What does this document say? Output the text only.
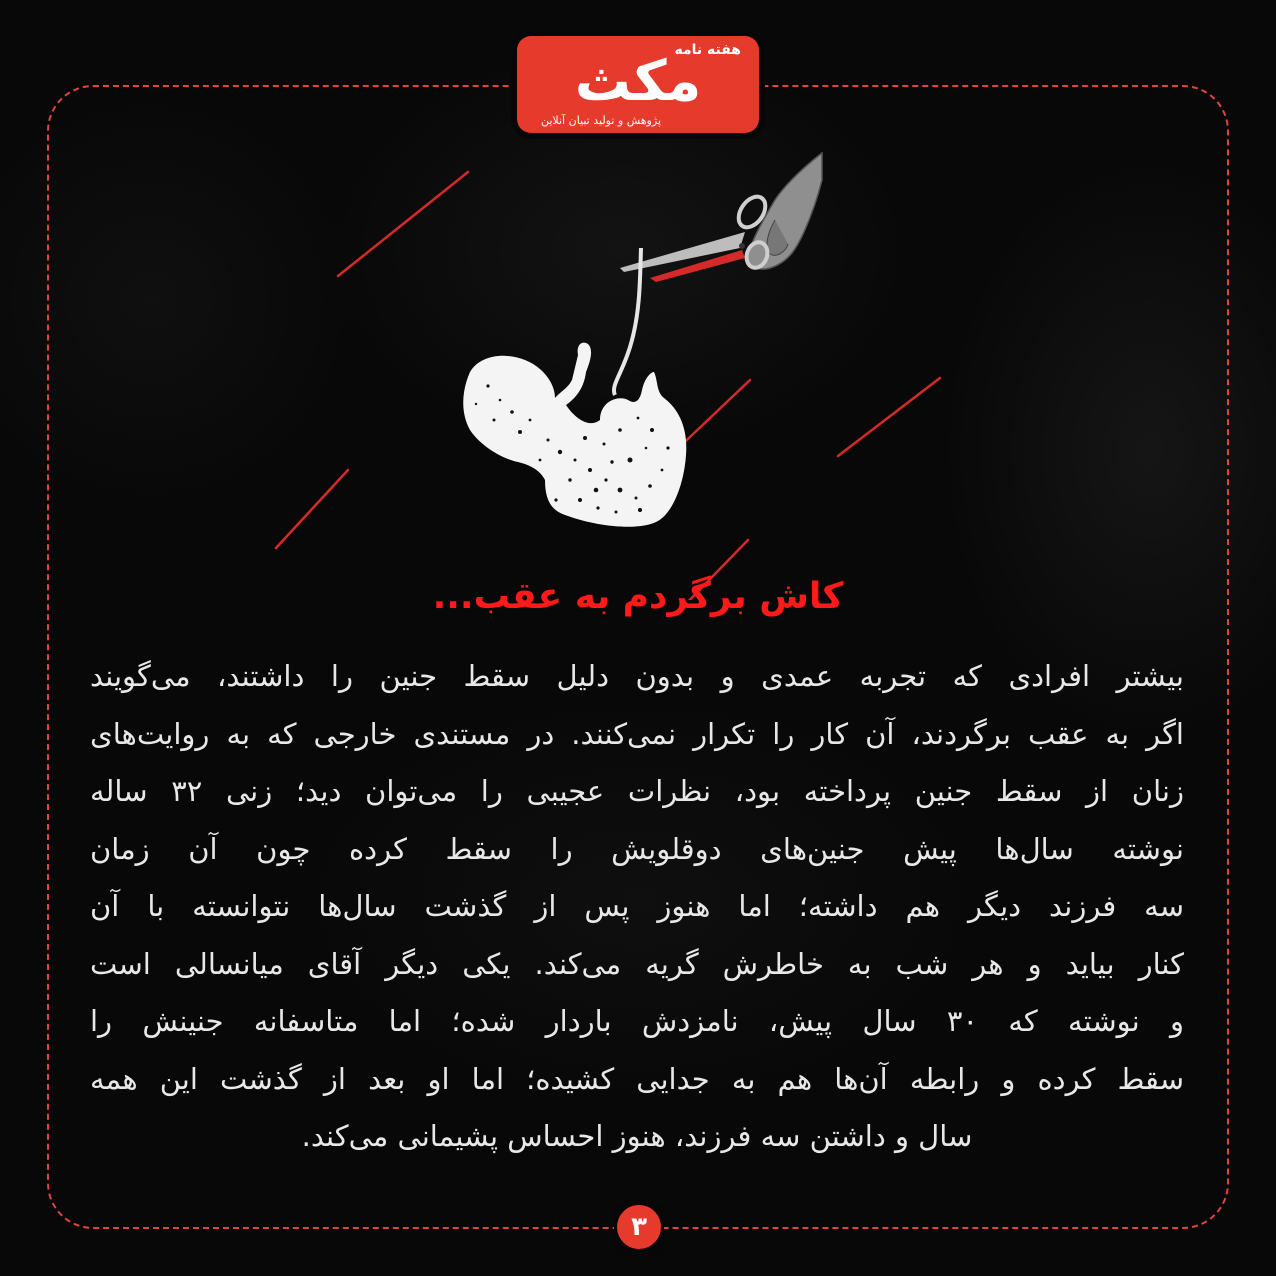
هفته نامه
مکث
پژوهش و تولید تبیان آنلاین
کاش برگردم به عقب...
بیشتر افرادی که تجربه عمدی و بدون دلیل سقط جنین را داشتند، می‌گویند
اگر به عقب برگردند، آن کار را تکرار نمی‌کنند. در مستندی خارجی که به روایت‌های
زنان از سقط جنین پرداخته بود، نظرات عجیبی را می‌توان دید؛ زنی ۳۲ ساله
نوشته سال‌ها پیش جنین‌های دوقلویش را سقط کرده چون آن زمان
سه فرزند دیگر هم داشته؛ اما هنوز پس از گذشت سال‌ها نتوانسته با آن
کنار بیاید و هر شب به خاطرش گریه می‌کند. یکی دیگر آقای میانسالی است
و نوشته که ۳۰ سال پیش، نامزدش باردار شده؛ اما متاسفانه جنینش را
سقط کرده و رابطه آن‌ها هم به جدایی کشیده؛ اما او بعد از گذشت این همه
سال و داشتن سه فرزند، هنوز احساس پشیمانی می‌کند.
۳
